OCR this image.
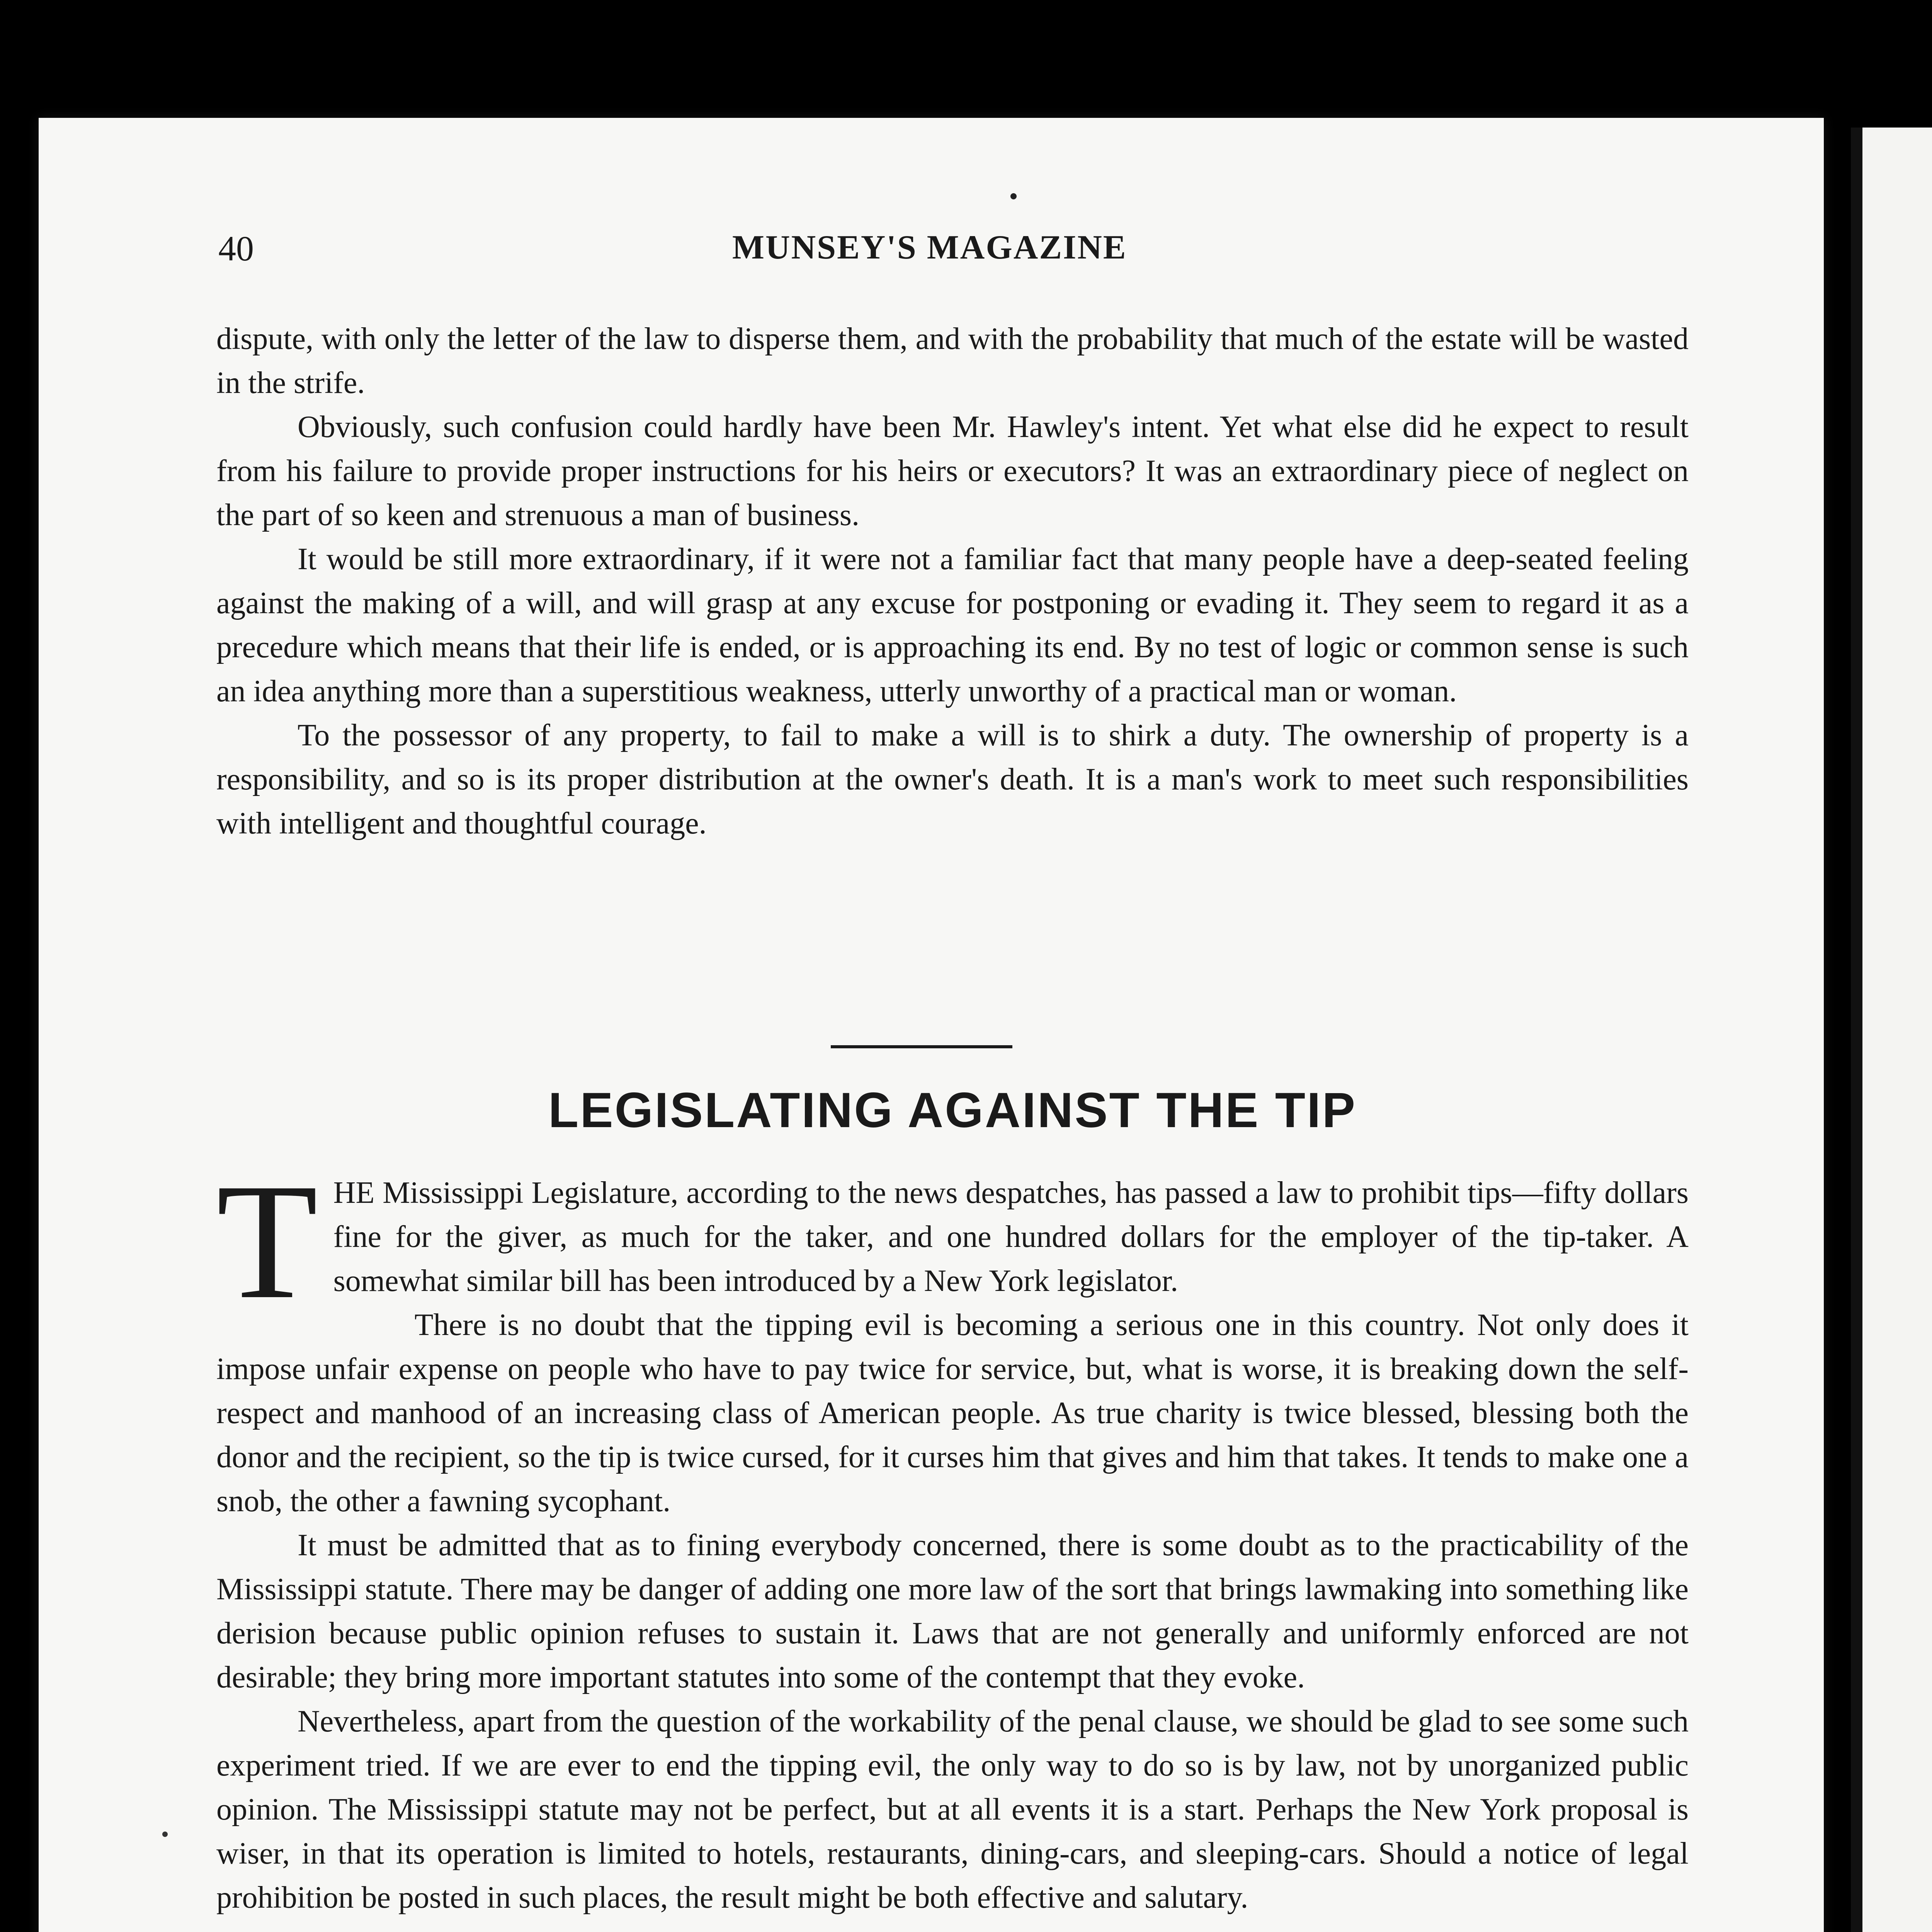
40	MUNSEY'S MAGAZINE

dispute, with only the letter of the law to disperse them, and with the probability that much of the estate will be wasted in the strife.

Obviously, such confusion could hardly have been Mr. Hawley's intent. Yet what else did he expect to result from his failure to provide proper instructions for his heirs or executors? It was an extraordinary piece of neglect on the part of so keen and strenuous a man of business.

It would be still more extraordinary, if it were not a familiar fact that many people have a deep-seated feeling against the making of a will, and will grasp at any excuse for postponing or evading it. They seem to regard it as a precedure which means that their life is ended, or is approaching its end. By no test of logic or common sense is such an idea anything more than a superstitious weakness, utterly unworthy of a practical man or woman.

To the possessor of any property, to fail to make a will is to shirk a duty. The ownership of property is a responsibility, and so is its proper distribution at the owner's death. It is a man's work to meet such responsibilities with intelligent and thoughtful courage.

LEGISLATING AGAINST THE TIP

THE Mississippi Legislature, according to the news despatches, has passed a law to prohibit tips—fifty dollars fine for the giver, as much for the taker, and one hundred dollars for the employer of the tip-taker. A somewhat similar bill has been introduced by a New York legislator.

There is no doubt that the tipping evil is becoming a serious one in this country. Not only does it impose unfair expense on people who have to pay twice for service, but, what is worse, it is breaking down the self-respect and manhood of an increasing class of American people. As true charity is twice blessed, blessing both the donor and the recipient, so the tip is twice cursed, for it curses him that gives and him that takes. It tends to make one a snob, the other a fawning sycophant.

It must be admitted that as to fining everybody concerned, there is some doubt as to the practicability of the Mississippi statute. There may be danger of adding one more law of the sort that brings lawmaking into something like derision because public opinion refuses to sustain it. Laws that are not generally and uniformly enforced are not desirable; they bring more important statutes into some of the contempt that they evoke.

Nevertheless, apart from the question of the workability of the penal clause, we should be glad to see some such experiment tried. If we are ever to end the tipping evil, the only way to do so is by law, not by unorganized public opinion. The Mississippi statute may not be perfect, but at all events it is a start. Perhaps the New York proposal is wiser, in that its operation is limited to hotels, restaurants, dining-cars, and sleeping-cars. Should a notice of legal prohibition be posted in such places, the result might be both effective and salutary.
